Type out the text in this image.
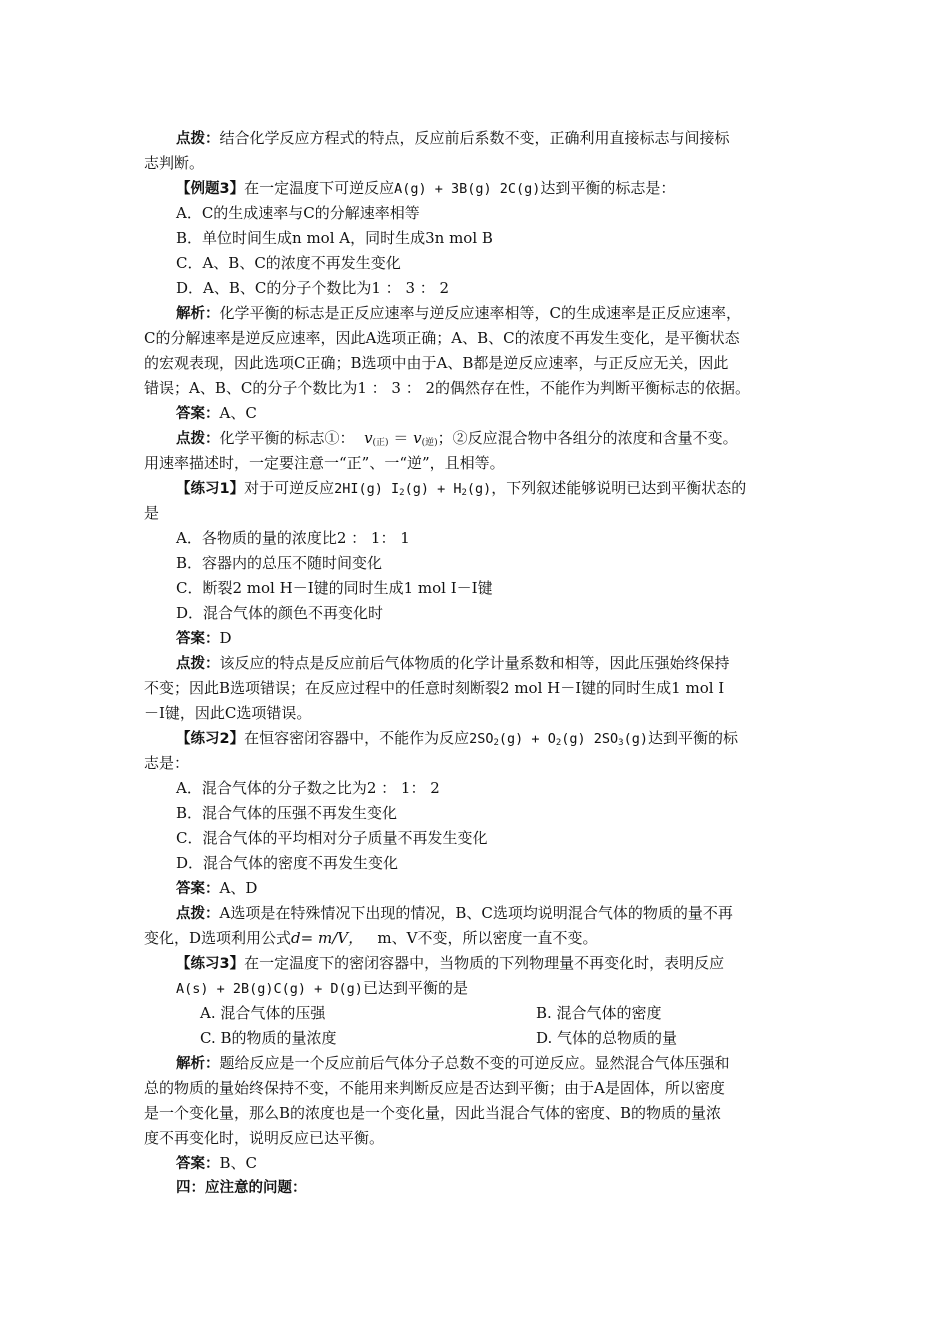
点拨：结合化学反应方程式的特点，反应前后系数不变，正确利用直接标志与间接标

志判断。

【例题3】在一定温度下可逆反应A(g) + 3B(g) 2C(g)达到平衡的标志是：

A．C的生成速率与C的分解速率相等

B．单位时间生成n mol A，同时生成3n mol B

C．A、B、C的浓度不再发生变化

D．A、B、C的分子个数比为1 ： 3 ： 2

解析：化学平衡的标志是正反应速率与逆反应速率相等，C的生成速率是正反应速率，

C的分解速率是逆反应速率，因此A选项正确；A、B、C的浓度不再发生变化，是平衡状态

的宏观表现，因此选项C正确；B选项中由于A、B都是逆反应速率，与正反应无关，因此

错误；A、B、C的分子个数比为1 ： 3 ： 2的偶然存在性，不能作为判断平衡标志的依据。

答案：A、C

点拨：化学平衡的标志①： $v_{(正)} = v_{(逆)}$；②反应混合物中各组分的浓度和含量不变。

用速率描述时，一定要注意一“正”、一“逆”，且相等。

【练习1】对于可逆反应2HI(g) $I_2(g) + H_2(g)$，下列叙述能够说明已达到平衡状态的

是

A．各物质的量的浓度比2 ： 1： 1

B．容器内的总压不随时间变化

C．断裂2 mol H－I键的同时生成1 mol I－I键

D．混合气体的颜色不再变化时

答案：D

点拨：该反应的特点是反应前后气体物质的化学计量系数和相等，因此压强始终保持

不变；因此B选项错误；在反应过程中的任意时刻断裂2 mol H－I键的同时生成1 mol I

－I键，因此C选项错误。

【练习2】在恒容密闭容器中，不能作为反应$2SO_2(g) + O_2(g)$ $2SO_3(g)$达到平衡的标

志是：

A．混合气体的分子数之比为2 ： 1： 2

B．混合气体的压强不再发生变化

C．混合气体的平均相对分子质量不再发生变化

D．混合气体的密度不再发生变化

答案：A、D

点拨：A选项是在特殊情况下出现的情况，B、C选项均说明混合气体的物质的量不再

变化，D选项利用公式d= m/V， m、V不变，所以密度一直不变。

【练习3】在一定温度下的密闭容器中，当物质的下列物理量不再变化时，表明反应

A(s) + 2B(g)C(g) + D(g)已达到平衡的是

A. 混合气体的压强	B. 混合气体的密度

C. B的物质的量浓度	D. 气体的总物质的量

解析：题给反应是一个反应前后气体分子总数不变的可逆反应。显然混合气体压强和

总的物质的量始终保持不变，不能用来判断反应是否达到平衡；由于A是固体，所以密度

是一个变化量，那么B的浓度也是一个变化量，因此当混合气体的密度、B的物质的量浓

度不再变化时，说明反应已达平衡。

答案：B、C

四：应注意的问题：
